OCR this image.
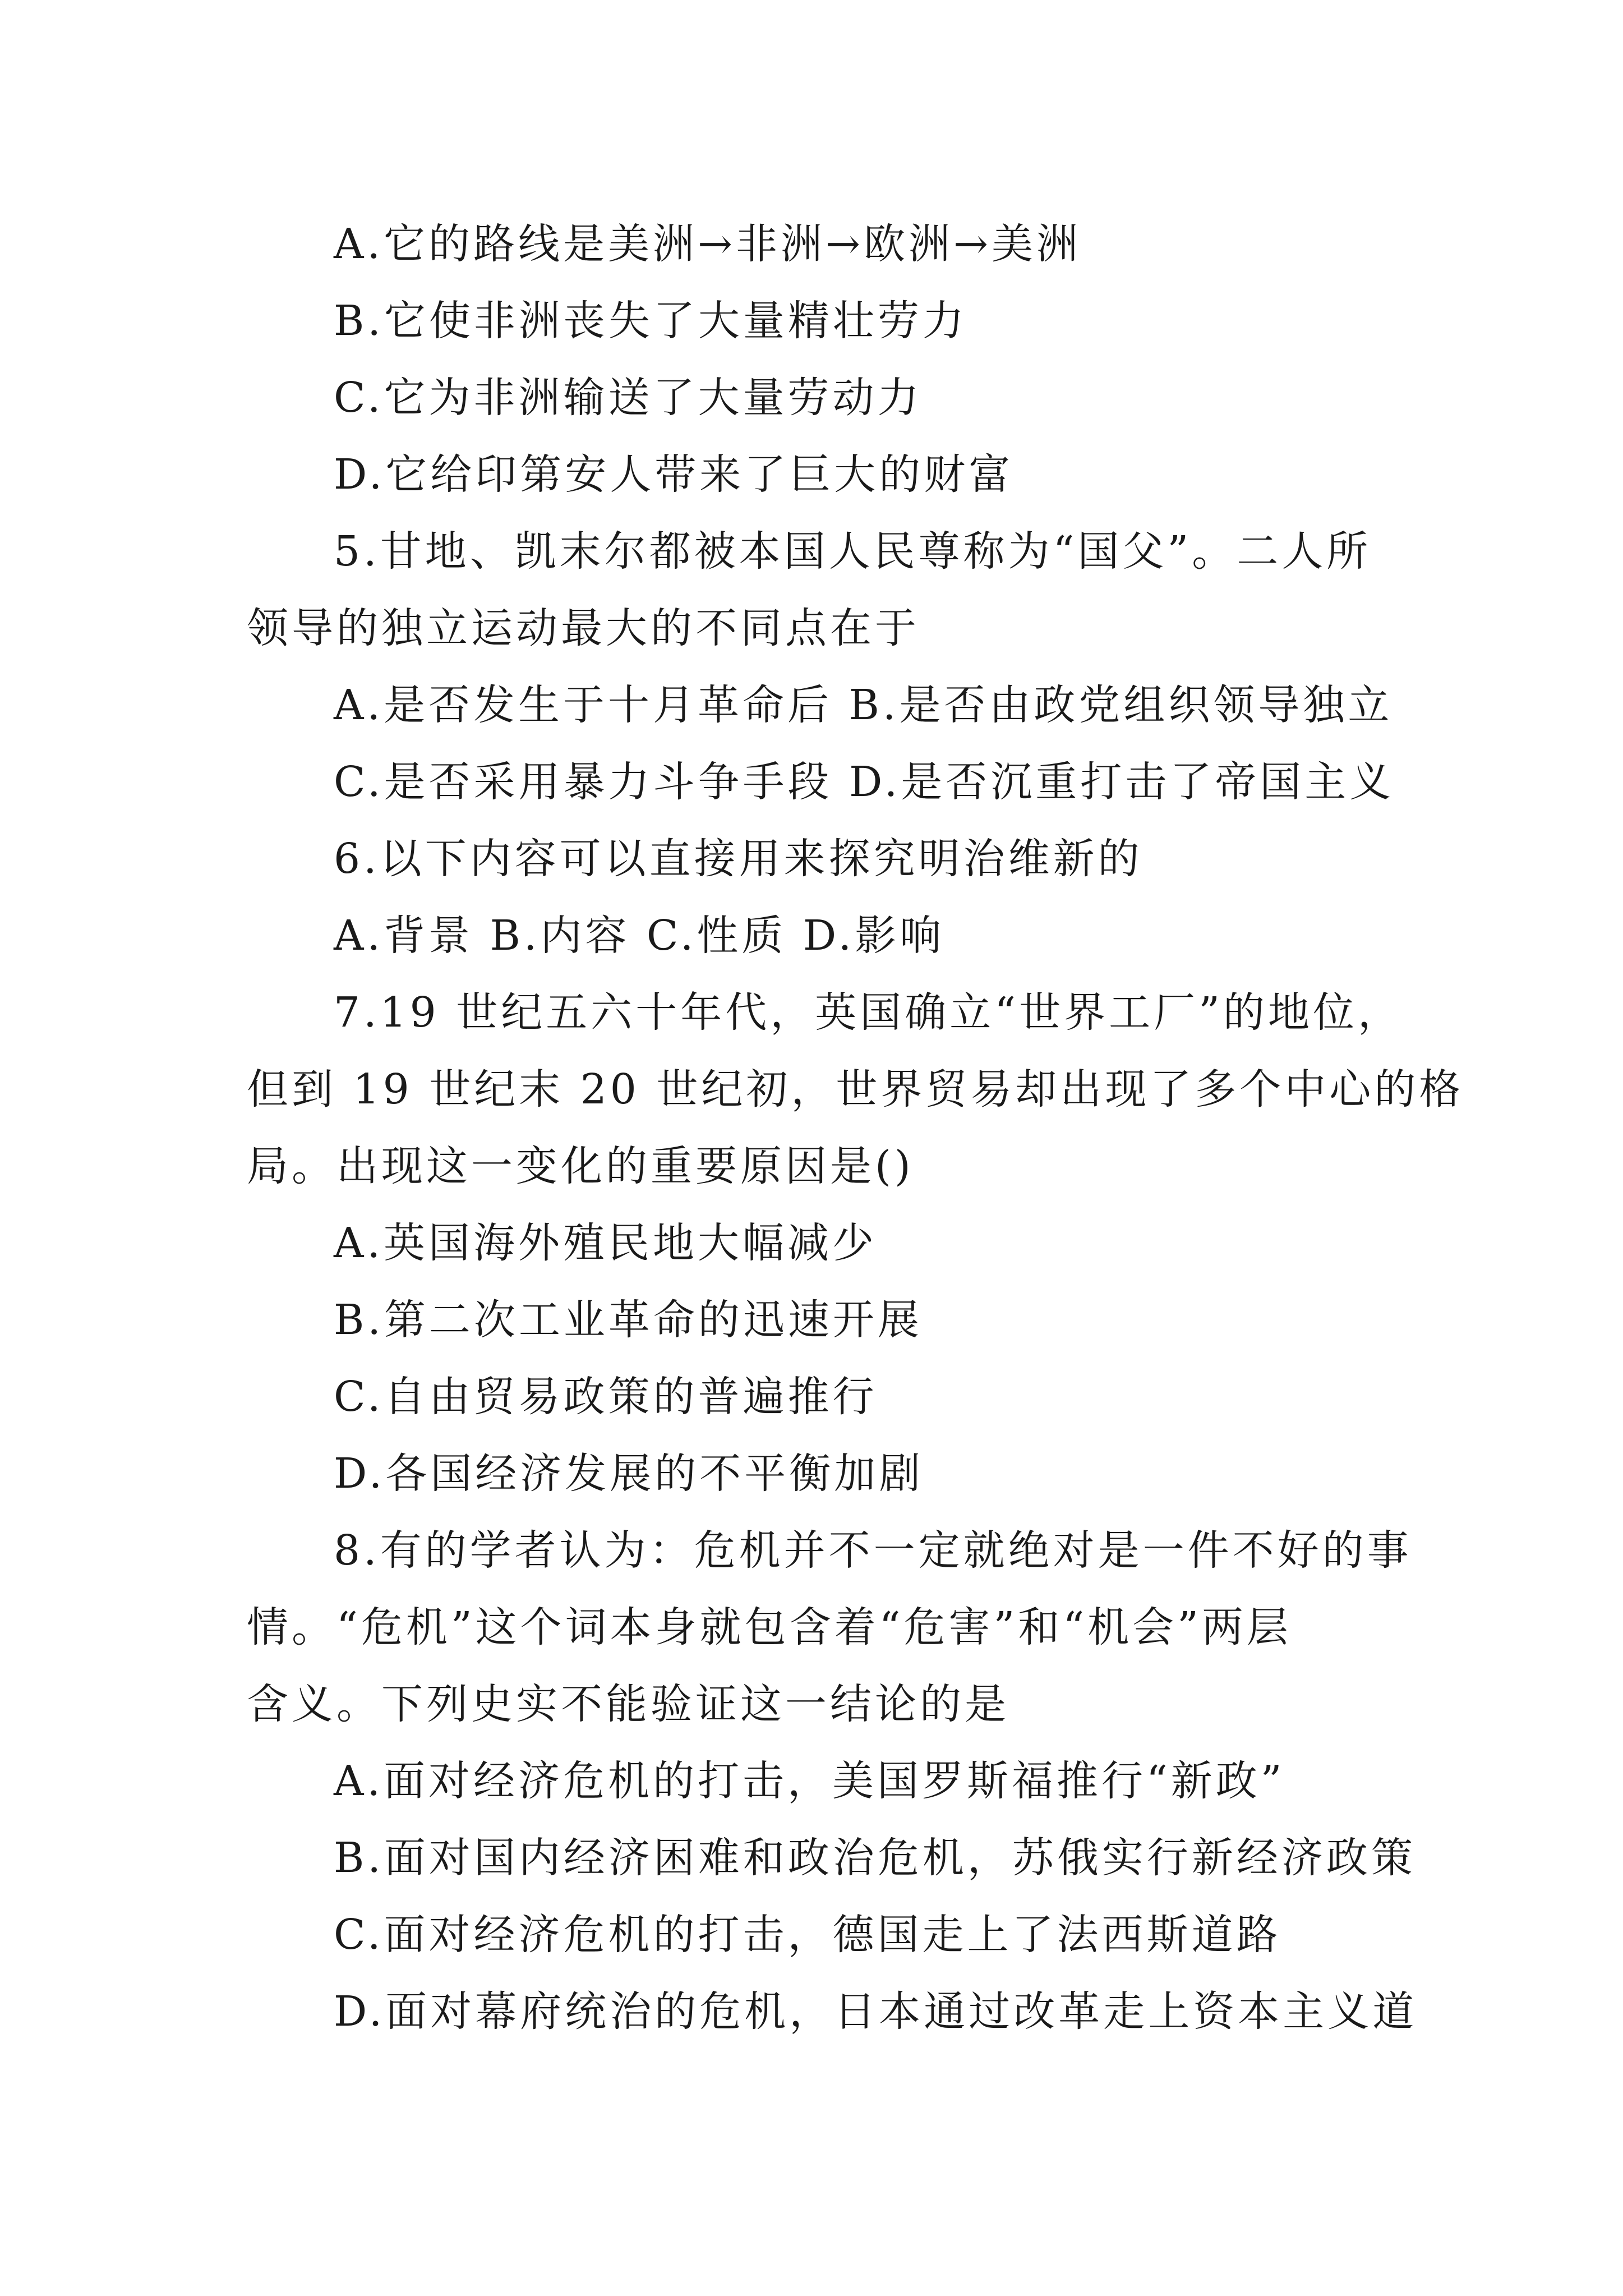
A.它的路线是美洲→非洲→欧洲→美洲
B.它使非洲丧失了大量精壮劳力
C.它为非洲输送了大量劳动力
D.它给印第安人带来了巨大的财富
5.甘地、凯末尔都被本国人民尊称为“国父”。二人所
领导的独立运动最大的不同点在于
A.是否发生于十月革命后 B.是否由政党组织领导独立
C.是否采用暴力斗争手段 D.是否沉重打击了帝国主义
6.以下内容可以直接用来探究明治维新的
A.背景 B.内容 C.性质 D.影响
7.19 世纪五六十年代，英国确立“世界工厂”的地位，
但到 19 世纪末 20 世纪初，世界贸易却出现了多个中心的格
局。出现这一变化的重要原因是()
A.英国海外殖民地大幅减少
B.第二次工业革命的迅速开展
C.自由贸易政策的普遍推行
D.各国经济发展的不平衡加剧
8.有的学者认为：危机并不一定就绝对是一件不好的事
情。“危机”这个词本身就包含着“危害”和“机会”两层
含义。下列史实不能验证这一结论的是
A.面对经济危机的打击，美国罗斯福推行“新政”
B.面对国内经济困难和政治危机，苏俄实行新经济政策
C.面对经济危机的打击，德国走上了法西斯道路
D.面对幕府统治的危机，日本通过改革走上资本主义道
